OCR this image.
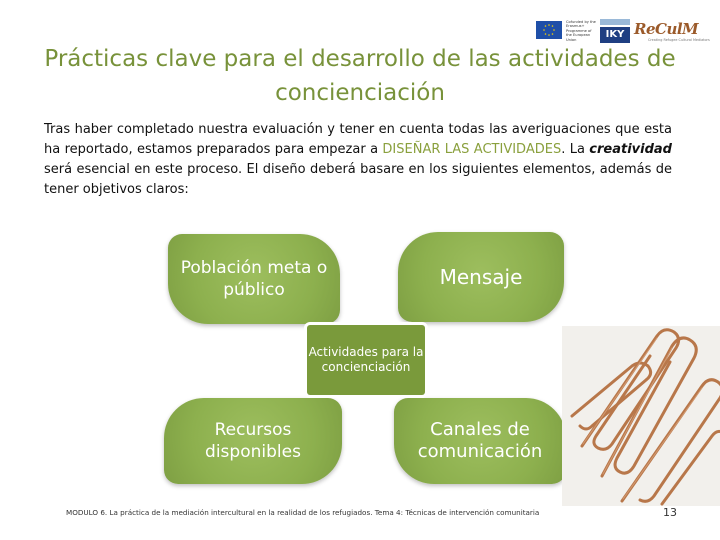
Cofunded by the Erasmus+ Programme of the European Union	IKY ReCulM
Creating Refugee Cultural Mediators
Prácticas clave para el desarrollo de las actividades de concienciación

Tras haber completado nuestra evaluación y tener en cuenta todas las averiguaciones que esta ha reportado, estamos preparados para empezar a DISEÑAR LAS ACTIVIDADES. La creatividad será esencial en este proceso. El diseño deberá basare en los siguientes elementos, además de tener objetivos claros:

Población meta o público
Mensaje
Recursos disponibles
Canales de comunicación
Actividades para la concienciación
MODULO 6. La práctica de la mediación intercultural en la realidad de los refugiados. Tema 4: Técnicas de intervención comunitaria	13
